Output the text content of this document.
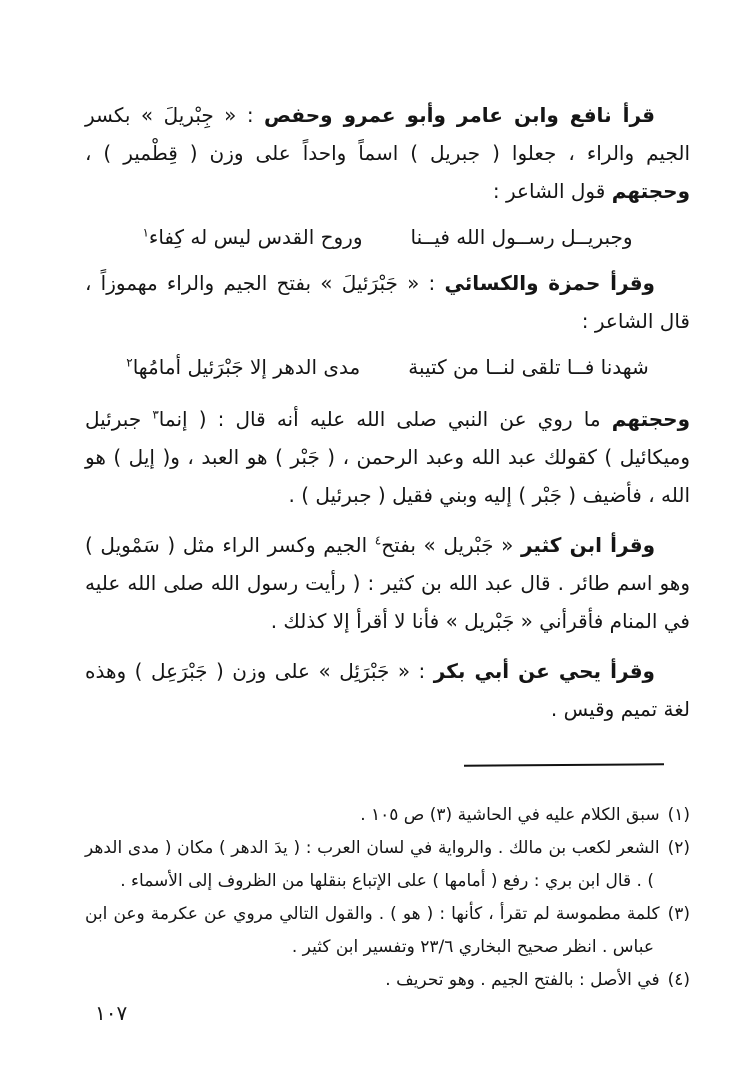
قرأ نافع وابن عامر وأبو عمرو وحفص : « جِبْريلَ » بكسر الجيم والراء ، جعلوا ( جبريل ) اسماً واحداً على وزن ( قِطْمير ) ، وحجتهم قول الشاعر :

وجبريــل رســول الله فيــنا
وروح القدس ليس له كِفاء$^١$

وقرأ حمزة والكسائي : « جَبْرَئيلَ » بفتح الجيم والراء مهموزاً ، قال الشاعر :

شهدنا فــا تلقى لنــا من كتيبة
مدى الدهر إلا جَبْرَئيل أمامُها$^٢$

وحجتهم ما روي عن النبي صلى الله عليه أنه قال : ( إنما$^٣$ جبرئيل وميكائيل ) كقولك عبد الله وعبد الرحمن ، ( جَبْر ) هو العبد ، و( إيل ) هو الله ، فأضيف ( جَبْر ) إليه وبني فقيل ( جبرئيل ) .

وقرأ ابن كثير « جَبْريل » بفتح$^٤$ الجيم وكسر الراء مثل ( سَمْويل ) وهو اسم طائر . قال عبد الله بن كثير : ( رأيت رسول الله صلى الله عليه في المنام فأقرأني « جَبْريل » فأنا لا أقرأ إلا كذلك .

وقرأ يحي عن أبي بكر : « جَبْرَئِل » على وزن ( جَبْرَعِل ) وهذه لغة تميم وقيس .

(١)سبق الكلام عليه في الحاشية (٣) ص ١٠٥ .

(٢)الشعر لكعب بن مالك . والرواية في لسان العرب : ( يدَ الدهر ) مكان ( مدى الدهر ) . قال ابن بري : رفع ( أمامها ) على الإتباع بنقلها من الظروف إلى الأسماء .

(٣)كلمة مطموسة لم تقرأ ، كأنها : ( هو ) . والقول التالي مروي عن عكرمة وعن ابن عباس . انظر صحيح البخاري ٢٣/٦ وتفسير ابن كثير .

(٤)في الأصل : بالفتح الجيم . وهو تحريف .

١٠٧
